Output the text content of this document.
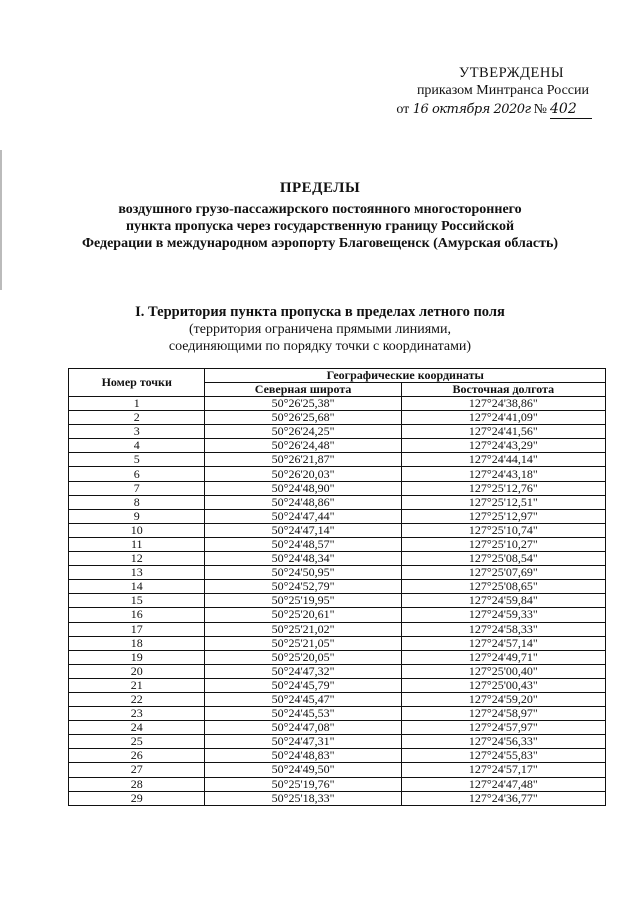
УТВЕРЖДЕНЫ
приказом Минтранса России
от 16 октября 2020г № 402
ПРЕДЕЛЫ
воздушного грузо-пассажирского постоянного многостороннего
пункта пропуска через государственную границу Российской
Федерации в международном аэропорту Благовещенск (Амурская область)
I. Территория пункта пропуска в пределах летного поля
(территория ограничена прямыми линиями,
соединяющими по порядку точки с координатами)
Номер точки	Географические координаты	
	Северная широта	Восточная долгота
1	50°26'25,38"	127°24'38,86"
2	50°26'25,68"	127°24'41,09"
3	50°26'24,25"	127°24'41,56"
4	50°26'24,48"	127°24'43,29"
5	50°26'21,87"	127°24'44,14"
6	50°26'20,03"	127°24'43,18"
7	50°24'48,90"	127°25'12,76"
8	50°24'48,86"	127°25'12,51"
9	50°24'47,44"	127°25'12,97"
10	50°24'47,14"	127°25'10,74"
11	50°24'48,57"	127°25'10,27"
12	50°24'48,34"	127°25'08,54"
13	50°24'50,95"	127°25'07,69"
14	50°24'52,79"	127°25'08,65"
15	50°25'19,95"	127°24'59,84"
16	50°25'20,61"	127°24'59,33"
17	50°25'21,02"	127°24'58,33"
18	50°25'21,05"	127°24'57,14"
19	50°25'20,05"	127°24'49,71"
20	50°24'47,32"	127°25'00,40"
21	50°24'45,79"	127°25'00,43"
22	50°24'45,47"	127°24'59,20"
23	50°24'45,53"	127°24'58,97"
24	50°24'47,08"	127°24'57,97"
25	50°24'47,31"	127°24'56,33"
26	50°24'48,83"	127°24'55,83"
27	50°24'49,50"	127°24'57,17"
28	50°25'19,76"	127°24'47,48"
29	50°25'18,33"	127°24'36,77"
